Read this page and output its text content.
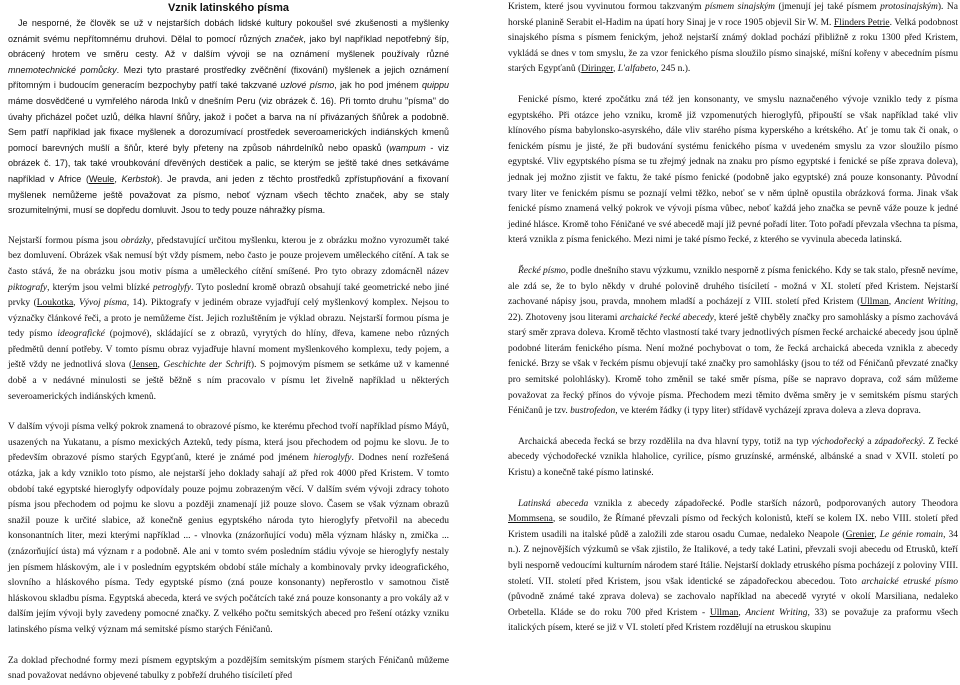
Vznik latinského písma

Je nesporné, že člověk se už v nejstarších dobách lidské kultury pokoušel své zkušenosti a myšlenky oznámit svému nepřítomnému druhovi. Dělal to pomocí různých značek, jako byl například nepotřebný šíp, obrácený hrotem ve směru cesty. Až v dalším vývoji se na oznámení myšlenek používaly různé mnemotechnické pomůcky. Mezi tyto prastaré prostředky zvěčnění (fixování) myšlenek a jejich oznámení přítomným i budoucím generacím bezpochyby patří také takzvané uzlové písmo, jak ho pod jménem quippu máme dosvědčené u vymřelého národa Inků v dnešním Peru (viz obrázek č. 16). Při tomto druhu "písma" do úvahy přicházel počet uzlů, délka hlavní šňůry, jakož i počet a barva na ní přivázaných šňůrek a podobně. Sem patří například jak fixace myšlenek a dorozumívací prostředek severoamerických indiánských kmenů pomocí barevných mušlí a šňůr, které byly přeteny na způsob náhrdelníků nebo opasků (wampum - viz obrázek č. 17), tak také vroubkování dřevěných destiček a palic, se kterým se ještě také dnes setkáváme například v Africe (Weule, Kerbstok). Je pravda, ani jeden z těchto prostředků zpřístupňování a fixovaní myšlenek nemůžeme ještě považovat za písmo, neboť význam všech těchto značek, aby se staly srozumitelnými, musí se dopředu domluvit. Jsou to tedy pouze náhražky písma.

Nejstarší formou písma jsou obrázky, představující určitou myšlenku, kterou je z obrázku možno vyrozumět také bez domluvení. Obrázek však nemusí být vždy písmem, nebo často je pouze projevem uměleckého cítění. A tak se často stává, že na obrázku jsou motiv písma a uměleckého cítění smíšené. Pro tyto obrazy zdomácněl název piktografy, kterým jsou velmi blízké petroglyfy. Tyto poslední kromě obrazů obsahují také geometrické nebo jiné prvky (Loukotka, Vývoj písma, 14). Piktografy v jediném obraze vyjadřují celý myšlenkový komplex. Nejsou to význačky článkové řeči, a proto je nemůžeme číst. Jejich rozluštěním je výklad obrazu. Nejstarší formou písma je tedy písmo ideografické (pojmové), skládající se z obrazů, vyrytých do hlíny, dřeva, kamene nebo různých předmětů denní potřeby. V tomto písmu obraz vyjadřuje hlavní moment myšlenkového komplexu, tedy pojem, a ještě vždy ne jednotlivá slova (Jensen, Geschichte der Schrift). S pojmovým písmem se setkáme už v kamenné době a v nedávné minulosti se ještě běžně s ním pracovalo v písmu let živelně například u některých severoamerických indiánských kmenů.

V dalším vývoji písma velký pokrok znamená to obrazové písmo, ke kterému přechod tvoří například písmo Máyů, usazených na Yukatanu, a písmo mexických Azteků, tedy písma, která jsou přechodem od pojmu ke slovu. Je to především obrazové písmo starých Egypťanů, které je známé pod jménem hieroglyfy. Dodnes není rozřešená otázka, jak a kdy vzniklo toto písmo, ale nejstarší jeho doklady sahají až před rok 4000 před Kristem. V tomto období také egyptské hieroglyfy odpovídaly pouze pojmu zobrazeným věcí. V dalším svém vývoji zdracy tohoto písma jsou přechodem od pojmu ke slovu a později znamenají již pouze slovo. Časem se však význam obrazů snažil pouze k určité slabice, až konečně genius egyptského národa tyto hieroglyfy přetvořil na abecedu konsonantních liter, mezi kterými například ... - vlnovka (znázorňující vodu) měla význam hlásky n, zmička ... (znázorňující ústa) má význam r a podobně. Ale ani v tomto svém posledním stádiu vývoje se hieroglyfy nestaly jen písmem hláskovým, ale i v posledním egyptském období stále míchaly a kombinovaly prvky ideografického, slovního a hláskového písma. Tedy egyptské písmo (zná pouze konsonanty) nepřerostlo v samotnou čistě hláskovou skladbu písma. Egyptská abeceda, která ve svých počátcích také zná pouze konsonanty a pro vokály až v dalším jejím vývoji byly zavedeny pomocné značky. Z velkého počtu semitských abeced pro řešení otázky vzniku latinského písma velký význam má semitské písmo starých Féničanů.

Za doklad přechodné formy mezi písmem egyptským a pozdějším semitským písmem starých Féničanů můžeme snad považovat nedávno objevené tabulky z pobřeží druhého tisíciletí před

Kristem, které jsou vyvinutou formou takzvaným písmem sinajským (jmenují jej také písmem protosinajským). Na horské planině Serabit el-Hadim na úpatí hory Sinaj je v roce 1905 objevil Sir W. M. Flinders Petrie. Velká podobnost sinajského písma s písmem fenickým, jehož nejstarší známý doklad pochází přibližně z roku 1300 před Kristem, vykládá se dnes v tom smyslu, že za vzor fenického písma sloužilo písmo sinajské, míšní kořeny v abecedním písmu starých Egypťanů (Diringer, L'alfabeto, 245 n.).

Fenické písmo, které zpočátku zná též jen konsonanty, ve smyslu naznačeného vývoje vzniklo tedy z písma egyptského. Při otázce jeho vzniku, kromě již vzpomenutých hieroglyfů, připouští se však například také vliv klínového písma babylonsko-asyrského, dále vliv starého písma kyperského a krétského. Ať je tomu tak či onak, o fenickém písmu je jisté, že při budování systému fenického písma v uvedeném smyslu za vzor sloužilo písmo egyptské. Vliv egyptského písma se tu zřejmý jednak na znaku pro písmo egyptské i fenické se píše zprava doleva), jednak jej možno zjistit ve faktu, že také písmo fenické (podobně jako egyptské) zná pouze konsonanty. Původní tvary liter ve fenickém písmu se poznají velmi těžko, neboť se v něm úplně opustila obrázková forma. Jinak však fenické písmo znamená velký pokrok ve vývoji písma vůbec, neboť každá jeho značka se pevně váže pouze k jedné jediné hlásce. Kromě toho Féničané ve své abecedě mají již pevné pořadí liter. Toto pořadí převzala všechna ta písma, která vznikla z písma fenického. Mezi nimi je také písmo řecké, z kterého se vyvinula abeceda latinská.

Řecké písmo, podle dnešního stavu výzkumu, vzniklo nesporně z písma fenického. Kdy se tak stalo, přesně nevíme, ale zdá se, že to bylo někdy v druhé polovině druhého tisíciletí - možná v XI. století před Kristem. Nejstarší zachované nápisy jsou, pravda, mnohem mladší a pocházejí z VIII. století před Kristem (Ullman, Ancient Writing, 22). Zhotoveny jsou literami archaické řecké abecedy, které ještě chyběly značky pro samohlásky a písmo zachovává starý směr zprava doleva. Kromě těchto vlastností také tvary jednotlivých písmen řecké archaické abecedy jsou úplně podobné literám fenického písma. Není možné pochybovat o tom, že řecká archaická abeceda vznikla z abecedy fenické. Brzy se však v řeckém písmu objevují také značky pro samohlásky (jsou to též od Féničanů převzaté značky pro semitské polohlásky). Kromě toho změnil se také směr písma, píše se napravo doprava, což sám můžeme považovat za řecký přínos do vývoje písma. Přechodem mezi těmito dvěma směry je v semitském písmu starých Féničanů je tzv. bustrofedon, ve kterém řádky (i typy liter) střídavě vycházejí zprava doleva a zleva doprava.

Archaická abeceda řecká se brzy rozdělila na dva hlavní typy, totiž na typ východořecký a západořecký. Z řecké abecedy východořecké vznikla hlaholice, cyrilice, písmo gruzínské, arménské, albánské a snad v XVII. století po Kristu) a konečně také písmo latinské.

Latinská abeceda vznikla z abecedy západořecké. Podle starších názorů, podporovaných autory Theodora Mommsena, se soudilo, že Římané převzali písmo od řeckých kolonistů, kteří se kolem IX. nebo VIII. století před Kristem usadili na italské půdě a založili zde starou osadu Cumae, nedaleko Neapole (Grenier, Le génie romain, 34 n.). Z nejnovějších výzkumů se však zjistilo, že Italikové, a tedy také Latini, převzali svoji abecedu od Etrusků, kteří byli nesporně vedoucími kulturním národem staré Itálie. Nejstarší doklady etruského písma pocházejí z poloviny VIII. století. VII. století před Kristem, jsou však identické se západořeckou abecedou. Toto archaické etruské písmo (původně známé také zprava doleva) se zachovalo například na abecedě vyryté v okolí Marsiliana, nedaleko Orbetella. Kláde se do roku 700 před Kristem - Ullman, Ancient Writing, 33) se považuje za praformu všech italických písem, které se již v VI. století před Kristem rozdělují na etruskou skupinu
